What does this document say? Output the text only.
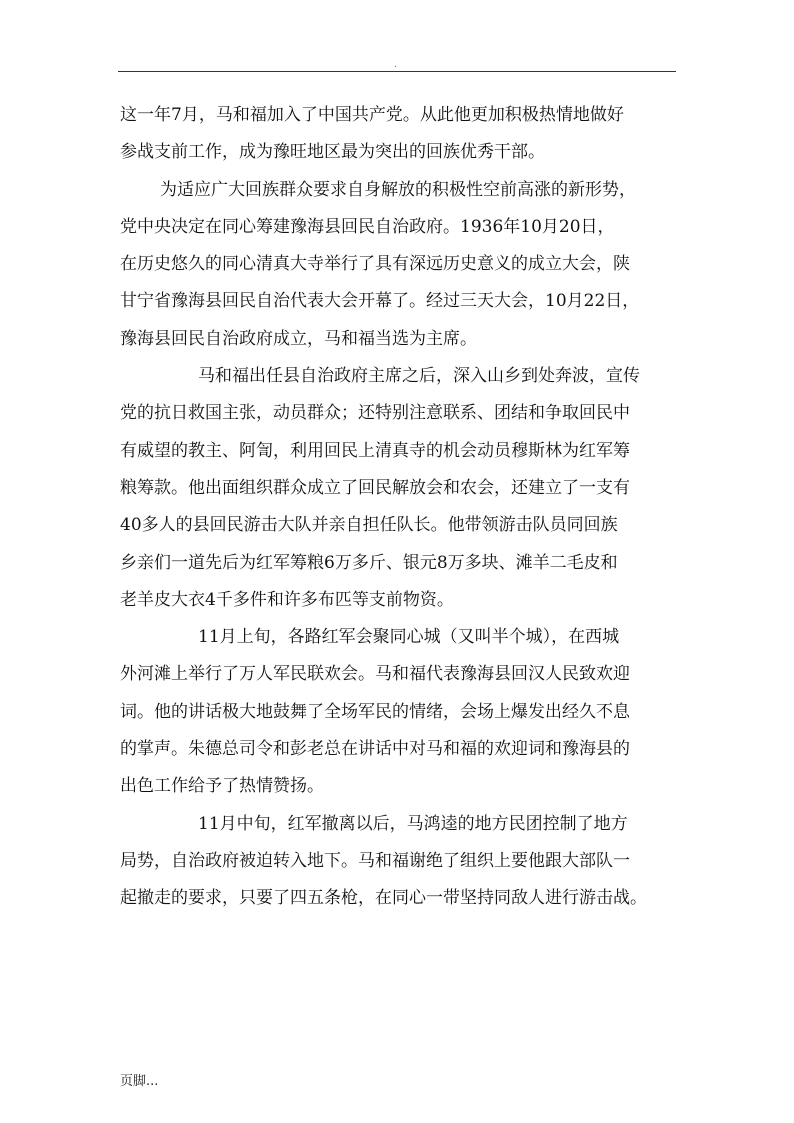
.
这一年7月，马和福加入了中国共产党。从此他更加积极热情地做好
参战支前工作，成为豫旺地区最为突出的回族优秀干部。
为适应广大回族群众要求自身解放的积极性空前高涨的新形势，
党中央决定在同心筹建豫海县回民自治政府。1936年10月20日，
在历史悠久的同心清真大寺举行了具有深远历史意义的成立大会，陕
甘宁省豫海县回民自治代表大会开幕了。经过三天大会，10月22日，
豫海县回民自治政府成立，马和福当选为主席。
马和福出任县自治政府主席之后，深入山乡到处奔波，宣传
党的抗日救国主张，动员群众；还特别注意联系、团结和争取回民中
有威望的教主、阿訇，利用回民上清真寺的机会动员穆斯林为红军筹
粮筹款。他出面组织群众成立了回民解放会和农会，还建立了一支有
40多人的县回民游击大队并亲自担任队长。他带领游击队员同回族
乡亲们一道先后为红军筹粮6万多斤、银元8万多块、滩羊二毛皮和
老羊皮大衣4千多件和许多布匹等支前物资。
11月上旬，各路红军会聚同心城（又叫半个城），在西城
外河滩上举行了万人军民联欢会。马和福代表豫海县回汉人民致欢迎
词。他的讲话极大地鼓舞了全场军民的情绪，会场上爆发出经久不息
的掌声。朱德总司令和彭老总在讲话中对马和福的欢迎词和豫海县的
出色工作给予了热情赞扬。
11月中旬，红军撤离以后，马鸿逵的地方民团控制了地方
局势，自治政府被迫转入地下。马和福谢绝了组织上要他跟大部队一
起撤走的要求，只要了四五条枪，在同心一带坚持同敌人进行游击战。
页脚...
